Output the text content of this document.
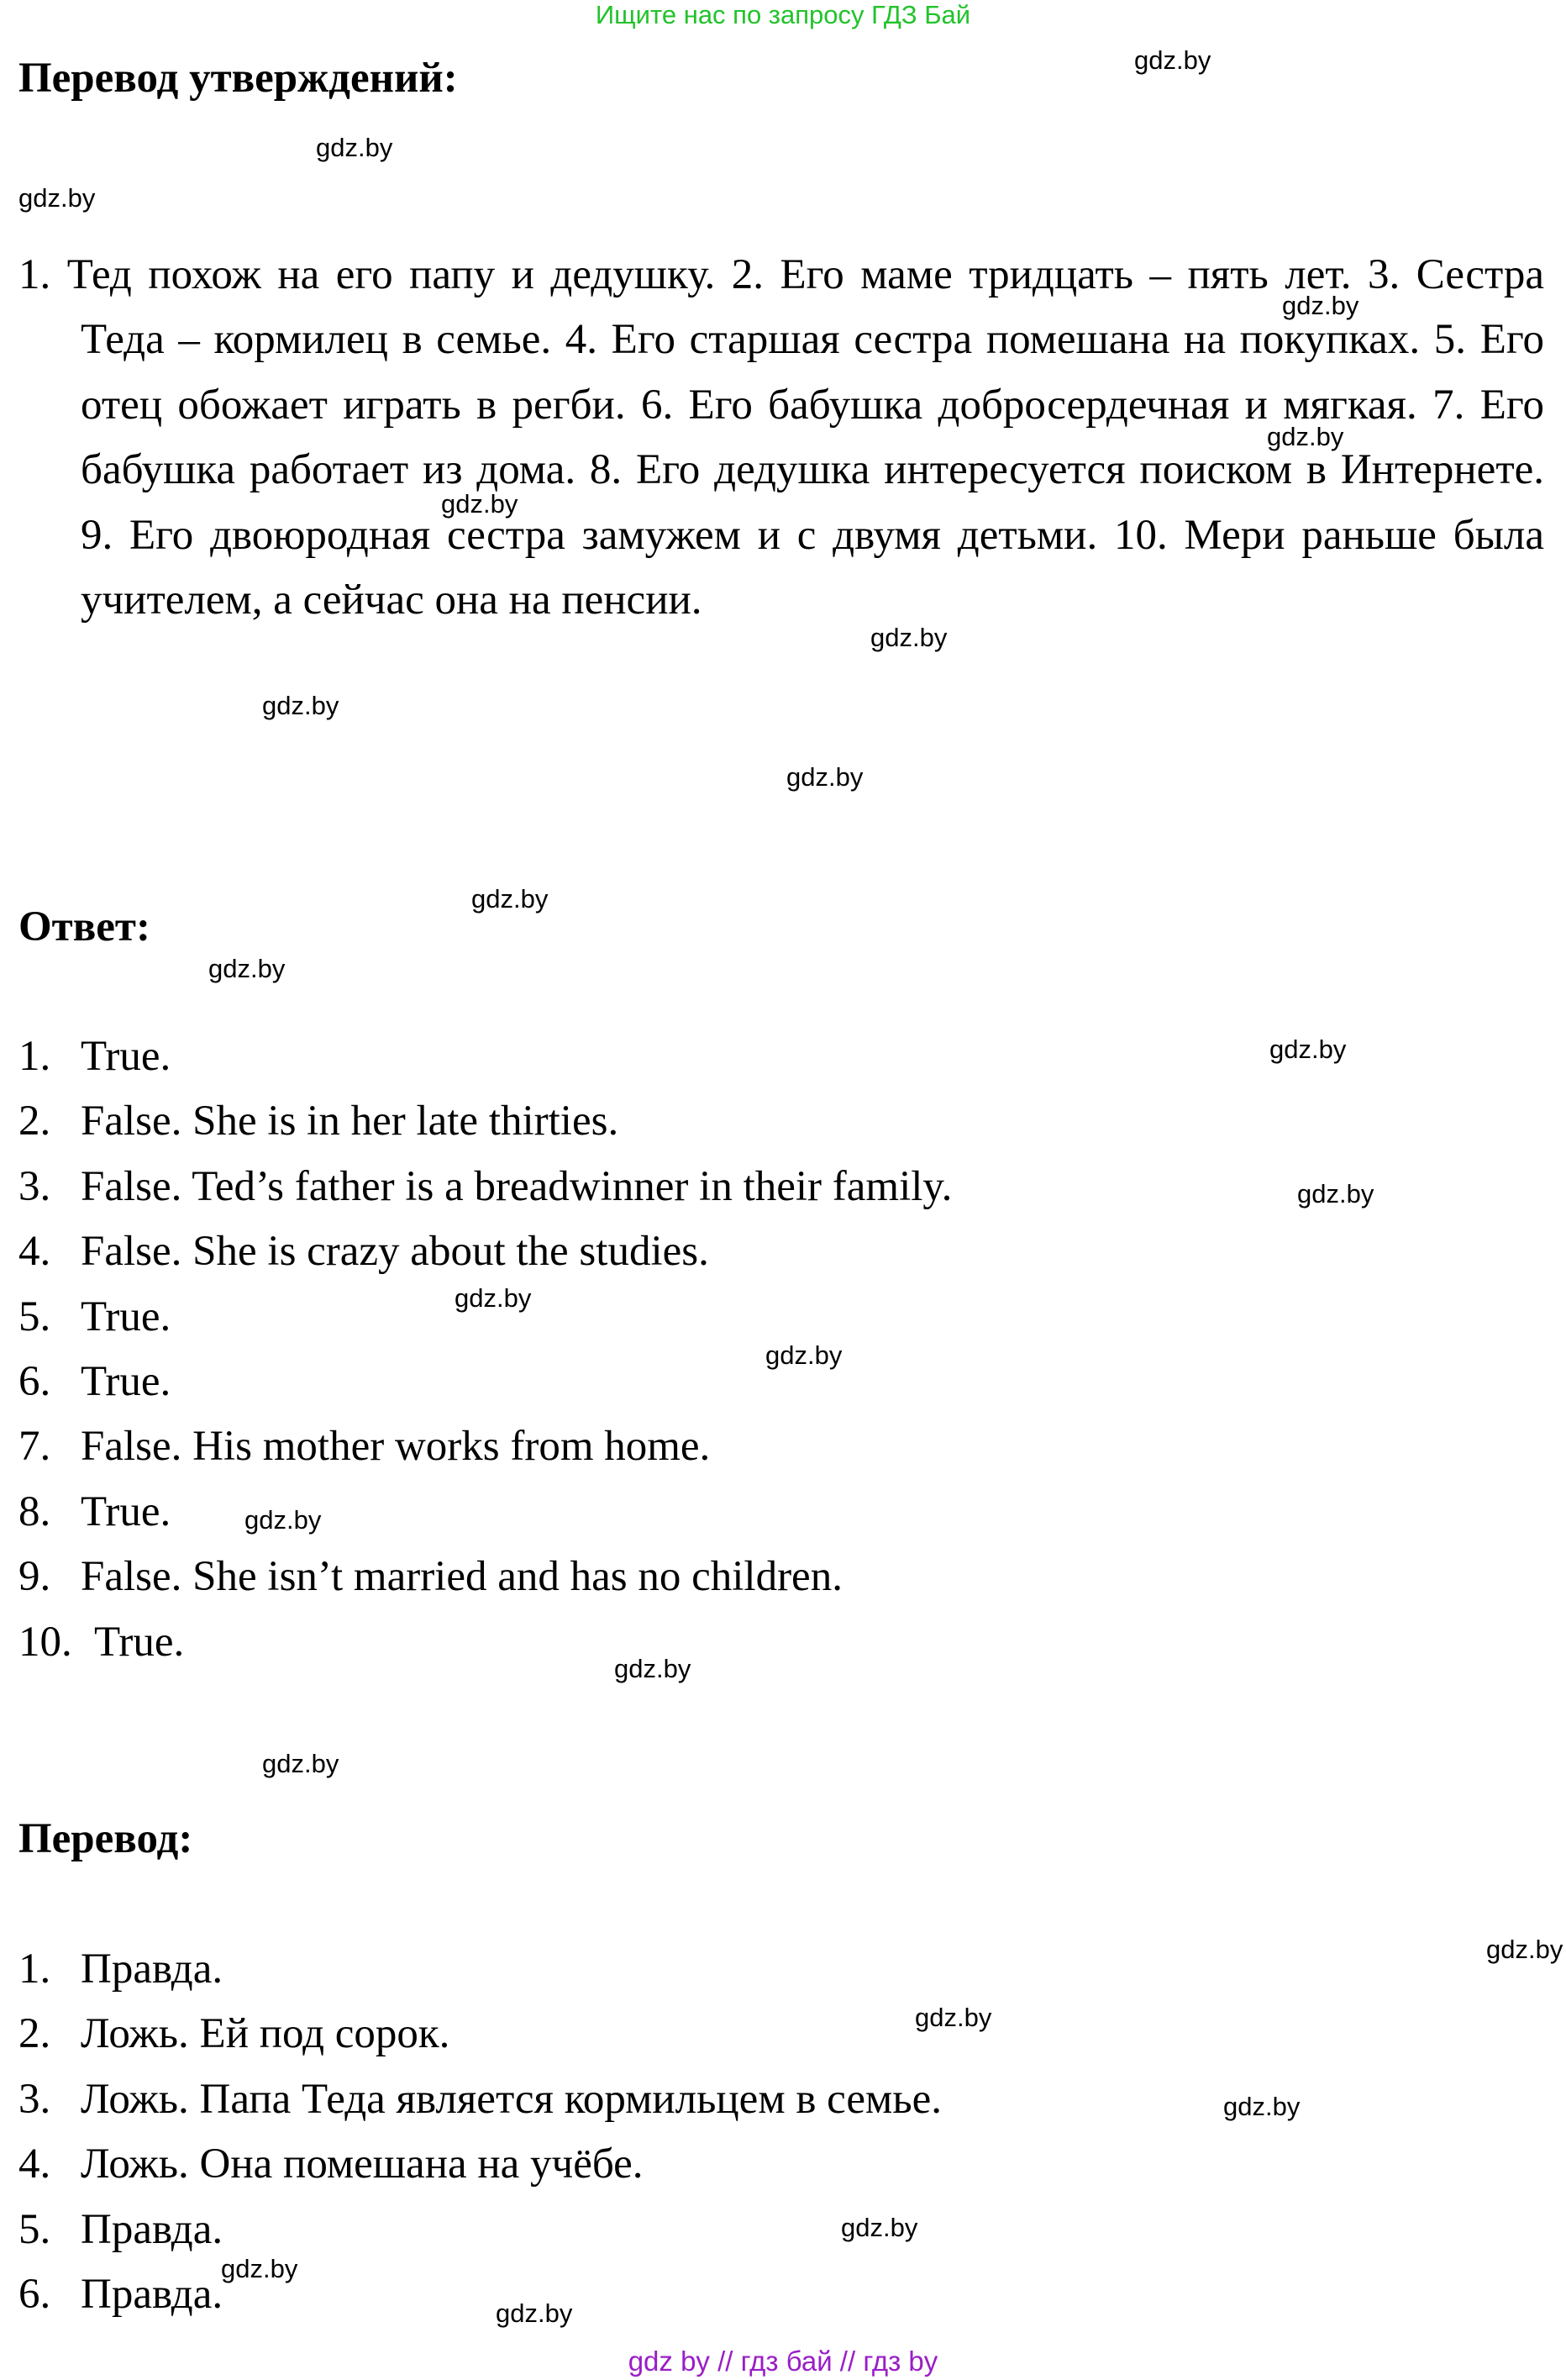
Ищите нас по запросу ГДЗ Бай
Перевод утверждений:

1. Тед похож на его папу и дедушку. 2. Его маме тридцать – пять лет. 3. Сестра Теда – кормилец в семье. 4. Его старшая сестра помешана на покупках. 5. Его отец обожает играть в регби. 6. Его бабушка добросердечная и мягкая. 7. Его бабушка работает из дома. 8. Его дедушка интересуется поиском в Интернете. 9. Его двоюродная сестра замужем и с двумя детьми. 10. Мери раньше была учителем, а сейчас она на пенсии.

Ответ:
1. True.
2. False. She is in her late thirties.
3. False. Ted’s father is a breadwinner in their family.
4. False. She is crazy about the studies.
5. True.
6. True.
7. False. His mother works from home.
8. True.
9. False. She isn’t married and has no children.
10. True.
Перевод:
1. Правда.
2. Ложь. Ей под сорок.
3. Ложь. Папа Теда является кормильцем в семье.
4. Ложь. Она помешана на учёбе.
5. Правда.
6. Правда.
gdz.by
gdz.by
gdz.by
gdz.by
gdz.by
gdz.by
gdz.by
gdz.by
gdz.by
gdz.by
gdz.by
gdz.by
gdz.by
gdz.by
gdz.by
gdz.by
gdz.by
gdz.by
gdz.by
gdz.by
gdz.by
gdz.by
gdz.by
gdz.by
gdz by // гдз бай // гдз by
